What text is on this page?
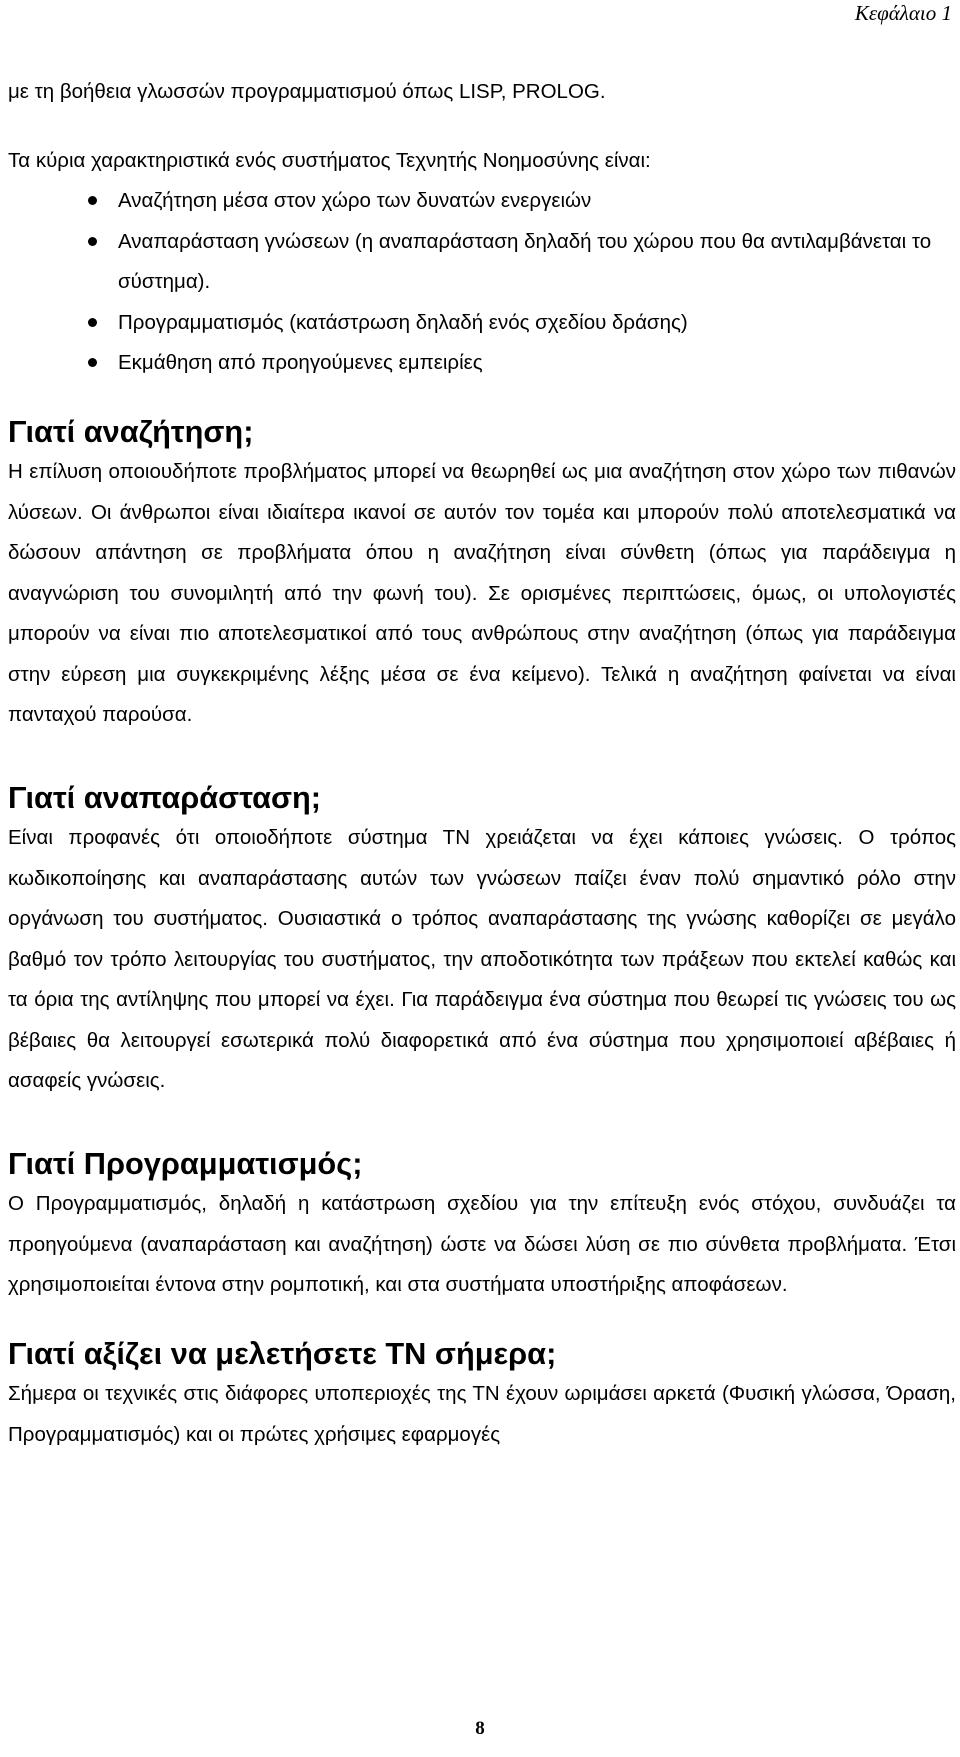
Κεφάλαιο 1

με τη βοήθεια γλωσσών προγραμματισμού όπως LISP, PROLOG.

Τα κύρια χαρακτηριστικά ενός συστήματος Τεχνητής Νοημοσύνης είναι:

Αναζήτηση μέσα στον χώρο των δυνατών ενεργειών
Αναπαράσταση γνώσεων (η αναπαράσταση δηλαδή του χώρου που θα αντιλαμβάνεται το σύστημα).
Προγραμματισμός (κατάστρωση δηλαδή ενός σχεδίου δράσης)
Εκμάθηση από προηγούμενες εμπειρίες
Γιατί αναζήτηση;

Η επίλυση οποιουδήποτε προβλήματος μπορεί να θεωρηθεί ως μια αναζήτηση στον χώρο των πιθανών λύσεων. Οι άνθρωποι είναι ιδιαίτερα ικανοί σε αυτόν τον τομέα και μπορούν πολύ αποτελεσματικά να δώσουν απάντηση σε προβλήματα όπου η αναζήτηση είναι σύνθετη (όπως για παράδειγμα η αναγνώριση του συνομιλητή από την φωνή του). Σε ορισμένες περιπτώσεις, όμως, οι υπολογιστές μπορούν να είναι πιο αποτελεσματικοί από τους ανθρώπους στην αναζήτηση (όπως για παράδειγμα στην εύρεση μια συγκεκριμένης λέξης μέσα σε ένα κείμενο). Τελικά η αναζήτηση φαίνεται να είναι πανταχού παρούσα.

Γιατί αναπαράσταση;

Είναι προφανές ότι οποιοδήποτε σύστημα ΤΝ χρειάζεται να έχει κάποιες γνώσεις. Ο τρόπος κωδικοποίησης και αναπαράστασης αυτών των γνώσεων παίζει έναν πολύ σημαντικό ρόλο στην οργάνωση του συστήματος. Ουσιαστικά ο τρόπος αναπαράστασης της γνώσης καθορίζει σε μεγάλο βαθμό τον τρόπο λειτουργίας του συστήματος, την αποδοτικότητα των πράξεων που εκτελεί καθώς και τα όρια της αντίληψης που μπορεί να έχει. Για παράδειγμα ένα σύστημα που θεωρεί τις γνώσεις του ως βέβαιες θα λειτουργεί εσωτερικά πολύ διαφορετικά από ένα σύστημα που χρησιμοποιεί αβέβαιες ή ασαφείς γνώσεις.

Γιατί Προγραμματισμός;

Ο Προγραμματισμός, δηλαδή η κατάστρωση σχεδίου για την επίτευξη ενός στόχου, συνδυάζει τα προηγούμενα (αναπαράσταση και αναζήτηση) ώστε να δώσει λύση σε πιο σύνθετα προβλήματα. Έτσι χρησιμοποιείται έντονα στην ρομποτική, και στα συστήματα υποστήριξης αποφάσεων.

Γιατί αξίζει να μελετήσετε ΤΝ σήμερα;

Σήμερα οι τεχνικές στις διάφορες υποπεριοχές της ΤΝ έχουν ωριμάσει αρκετά (Φυσική γλώσσα, Όραση, Προγραμματισμός) και οι πρώτες χρήσιμες εφαρμογές

8
